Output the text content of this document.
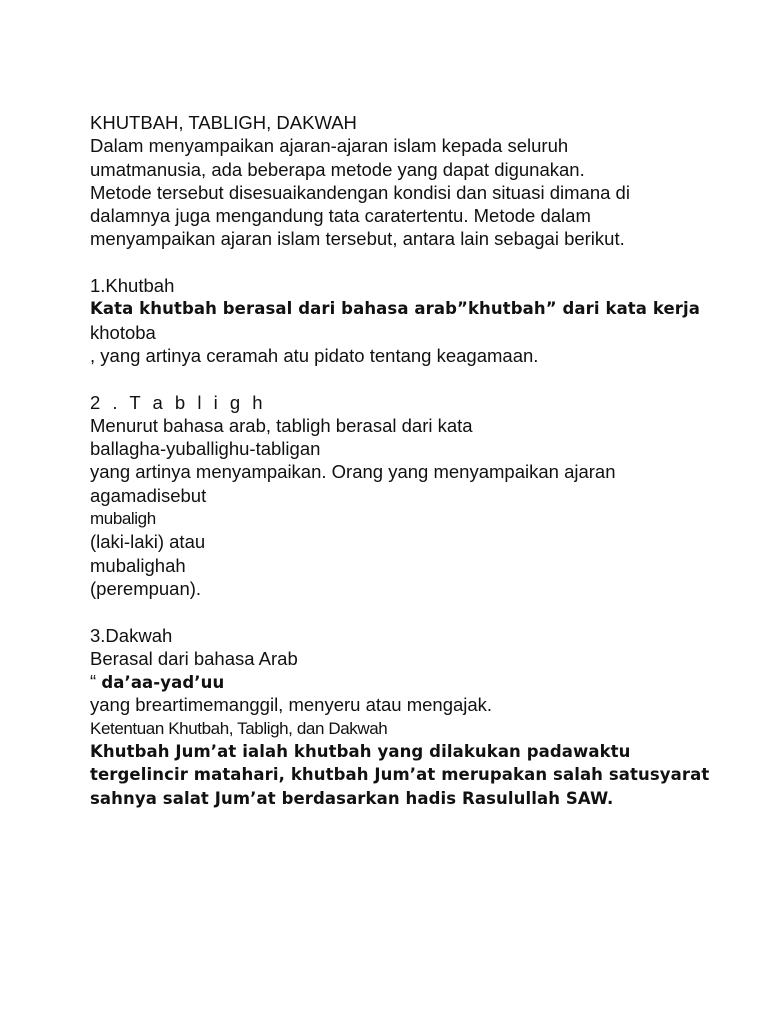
KHUTBAH, TABLIGH, DAKWAH
Dalam menyampaikan ajaran-ajaran islam kepada seluruh
umatmanusia, ada beberapa metode yang dapat digunakan.
Metode tersebut disesuaikandengan kondisi dan situasi dimana di
dalamnya juga mengandung tata caratertentu. Metode dalam
menyampaikan ajaran islam tersebut, antara lain sebagai berikut.
1.Khutbah
Kata khutbah berasal dari bahasa arab”khutbah” dari kata kerja
khotoba
, yang artinya ceramah atu pidato tentang keagamaan.
2 . T a b l i g h
Menurut bahasa arab, tabligh berasal dari kata
ballagha-yuballighu-tabligan
yang artinya menyampaikan. Orang yang menyampaikan ajaran
agamadisebut
mubaligh
(laki-laki) atau
mubalighah
(perempuan).
3.Dakwah
Berasal dari bahasa Arab
“ da’aa-yad’uu
yang breartimemanggil, menyeru atau mengajak.
Ketentuan Khutbah, Tabligh, dan Dakwah
Khutbah Jum’at ialah khutbah yang dilakukan padawaktu
tergelincir matahari, khutbah Jum’at merupakan salah satusyarat
sahnya salat Jum’at berdasarkan hadis Rasulullah SAW.
